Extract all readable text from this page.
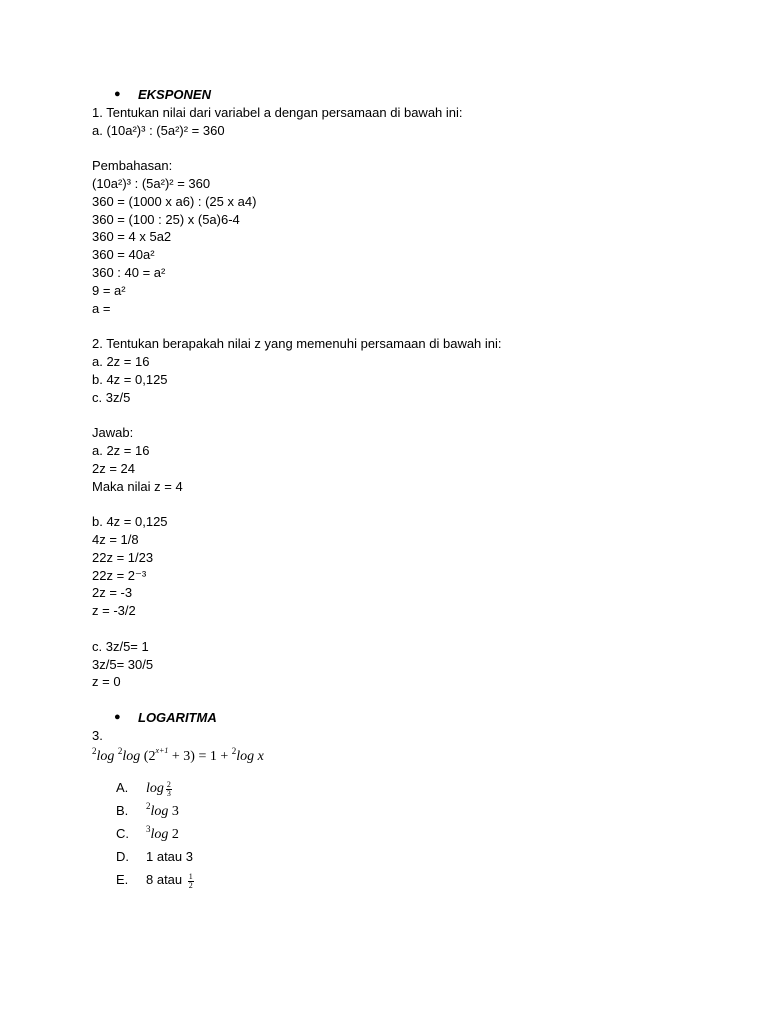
● EKSPONEN
1. Tentukan nilai dari variabel a dengan persamaan di bawah ini:
a. (10a²)³ : (5a²)² = 360
Pembahasan:
(10a²)³ : (5a²)² = 360
360 = (1000 x a6) : (25 x a4)
360 = (100 : 25) x (5a)6-4
360 = 4 x 5a2
360 = 40a²
360 : 40 = a²
9 = a²
a =
2. Tentukan berapakah nilai z yang memenuhi persamaan di bawah ini:
a. 2z = 16
b. 4z = 0,125
c. 3z/5
Jawab:
a. 2z = 16
2z = 24
Maka nilai z = 4
b. 4z = 0,125
4z = 1/8
22z = 1/23
22z = 2⁻³
2z = -3
z = -3/2
c. 3z/5= 1
3z/5= 30/5
z = 0
● LOGARITMA
3.
$^2$log $^2$log $(2^{x+1} + 3) = 1 + ^2\log$ x

A.

$\log \frac{2}{3}$

B.

$^2$log 3

C.

$^3$log 2

D.

1 atau 3

E.

8 atau $\frac{1}{2}$
